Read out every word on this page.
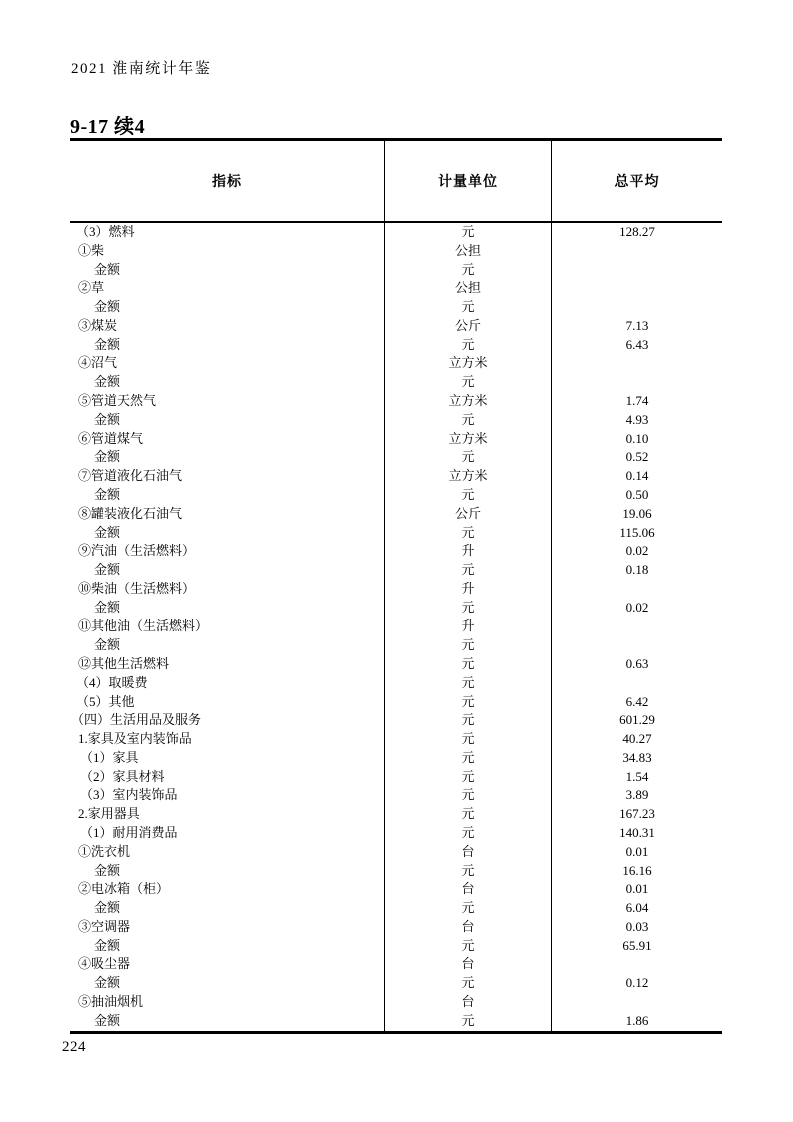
2021 淮南统计年鉴
9-17 续4
指标	计量单位	总平均
（3）燃料	元	128.27
①柴	公担
金额	元
②草	公担
金额	元
③煤炭	公斤	7.13
金额	元	6.43
④沼气	立方米
金额	元
⑤管道天然气	立方米	1.74
金额	元	4.93
⑥管道煤气	立方米	0.10
金额	元	0.52
⑦管道液化石油气	立方米	0.14
金额	元	0.50
⑧罐装液化石油气	公斤	19.06
金额	元	115.06
⑨汽油（生活燃料）	升	0.02
金额	元	0.18
⑩柴油（生活燃料）	升
金额	元	0.02
⑪其他油（生活燃料）	升
金额	元
⑫其他生活燃料	元	0.63
（4）取暖费	元
（5）其他	元	6.42
（四）生活用品及服务	元	601.29
1.家具及室内装饰品	元	40.27
（1）家具	元	34.83
（2）家具材料	元	1.54
（3）室内装饰品	元	3.89
2.家用器具	元	167.23
（1）耐用消费品	元	140.31
①洗衣机	台	0.01
金额	元	16.16
②电冰箱（柜）	台	0.01
金额	元	6.04
③空调器	台	0.03
金额	元	65.91
④吸尘器	台
金额	元	0.12
⑤抽油烟机	台
金额	元	1.86
224
